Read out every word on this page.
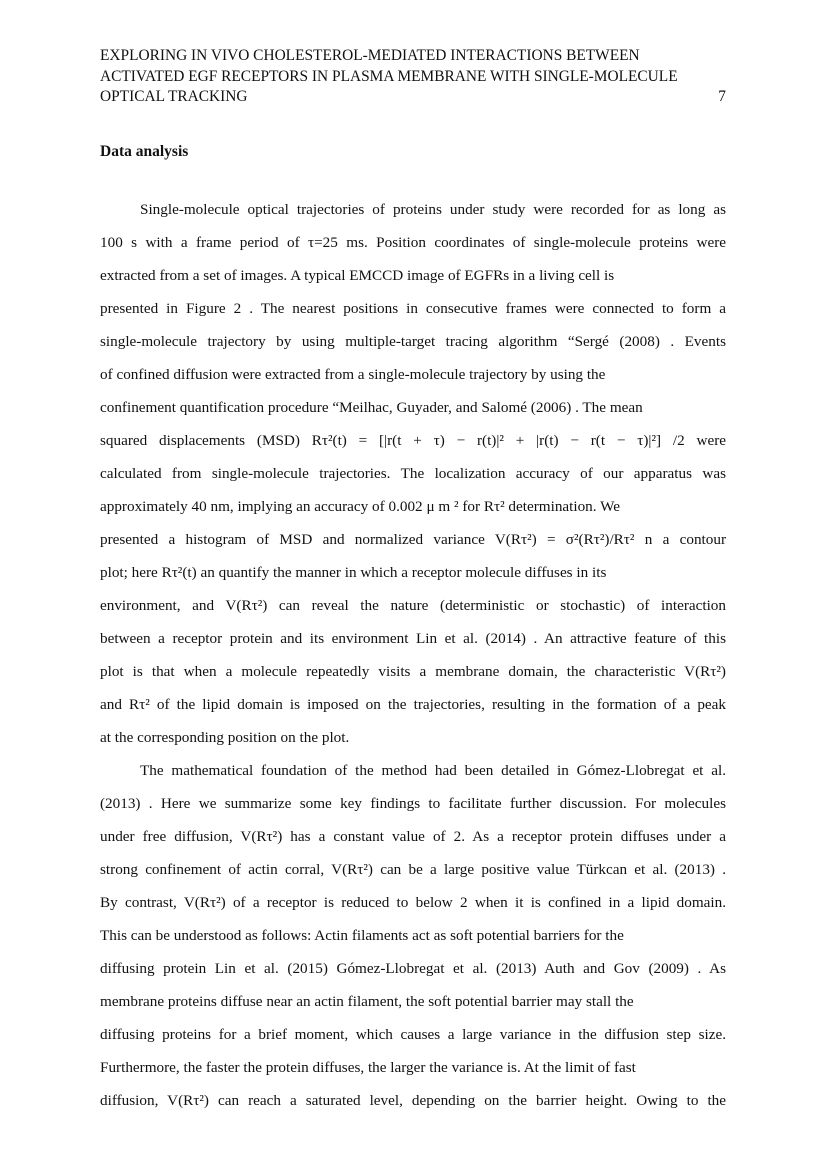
EXPLORING IN VIVO CHOLESTEROL-MEDIATED INTERACTIONS BETWEEN
ACTIVATED EGF RECEPTORS IN PLASMA MEMBRANE WITH SINGLE-MOLECULE
OPTICAL TRACKING	7
Data analysis
Single-molecule optical trajectories of proteins under study were recorded for as long as
100 s with a frame period of τ=25 ms. Position coordinates of single-molecule proteins were
extracted from a set of images. A typical EMCCD image of EGFRs in a living cell is
presented in Figure 2 . The nearest positions in consecutive frames were connected to form a
single-molecule trajectory by using multiple-target tracing algorithm “Sergé (2008) . Events
of confined diffusion were extracted from a single-molecule trajectory by using the
confinement quantification procedure “Meilhac, Guyader, and Salomé (2006) . The mean
squared displacements (MSD) Rτ²(t) = [|r(t + τ) − r(t)|² + |r(t) − r(t − τ)|²] /2 were
calculated from single-molecule trajectories. The localization accuracy of our apparatus was
approximately 40 nm, implying an accuracy of 0.002 μ m ² for Rτ² determination. We
presented a histogram of MSD and normalized variance V(Rτ²) = σ²(Rτ²)/Rτ² n a contour
plot; here Rτ²(t) an quantify the manner in which a receptor molecule diffuses in its
environment, and V(Rτ²) can reveal the nature (deterministic or stochastic) of interaction
between a receptor protein and its environment Lin et al. (2014) . An attractive feature of this
plot is that when a molecule repeatedly visits a membrane domain, the characteristic V(Rτ²)
and Rτ² of the lipid domain is imposed on the trajectories, resulting in the formation of a peak
at the corresponding position on the plot.
The mathematical foundation of the method had been detailed in Gómez-Llobregat et al.
(2013) . Here we summarize some key findings to facilitate further discussion. For molecules
under free diffusion, V(Rτ²) has a constant value of 2. As a receptor protein diffuses under a
strong confinement of actin corral, V(Rτ²) can be a large positive value Türkcan et al. (2013) .
By contrast, V(Rτ²) of a receptor is reduced to below 2 when it is confined in a lipid domain.
This can be understood as follows: Actin filaments act as soft potential barriers for the
diffusing protein Lin et al. (2015) Gómez-Llobregat et al. (2013) Auth and Gov (2009) . As
membrane proteins diffuse near an actin filament, the soft potential barrier may stall the
diffusing proteins for a brief moment, which causes a large variance in the diffusion step size.
Furthermore, the faster the protein diffuses, the larger the variance is. At the limit of fast
diffusion, V(Rτ²) can reach a saturated level, depending on the barrier height. Owing to the
